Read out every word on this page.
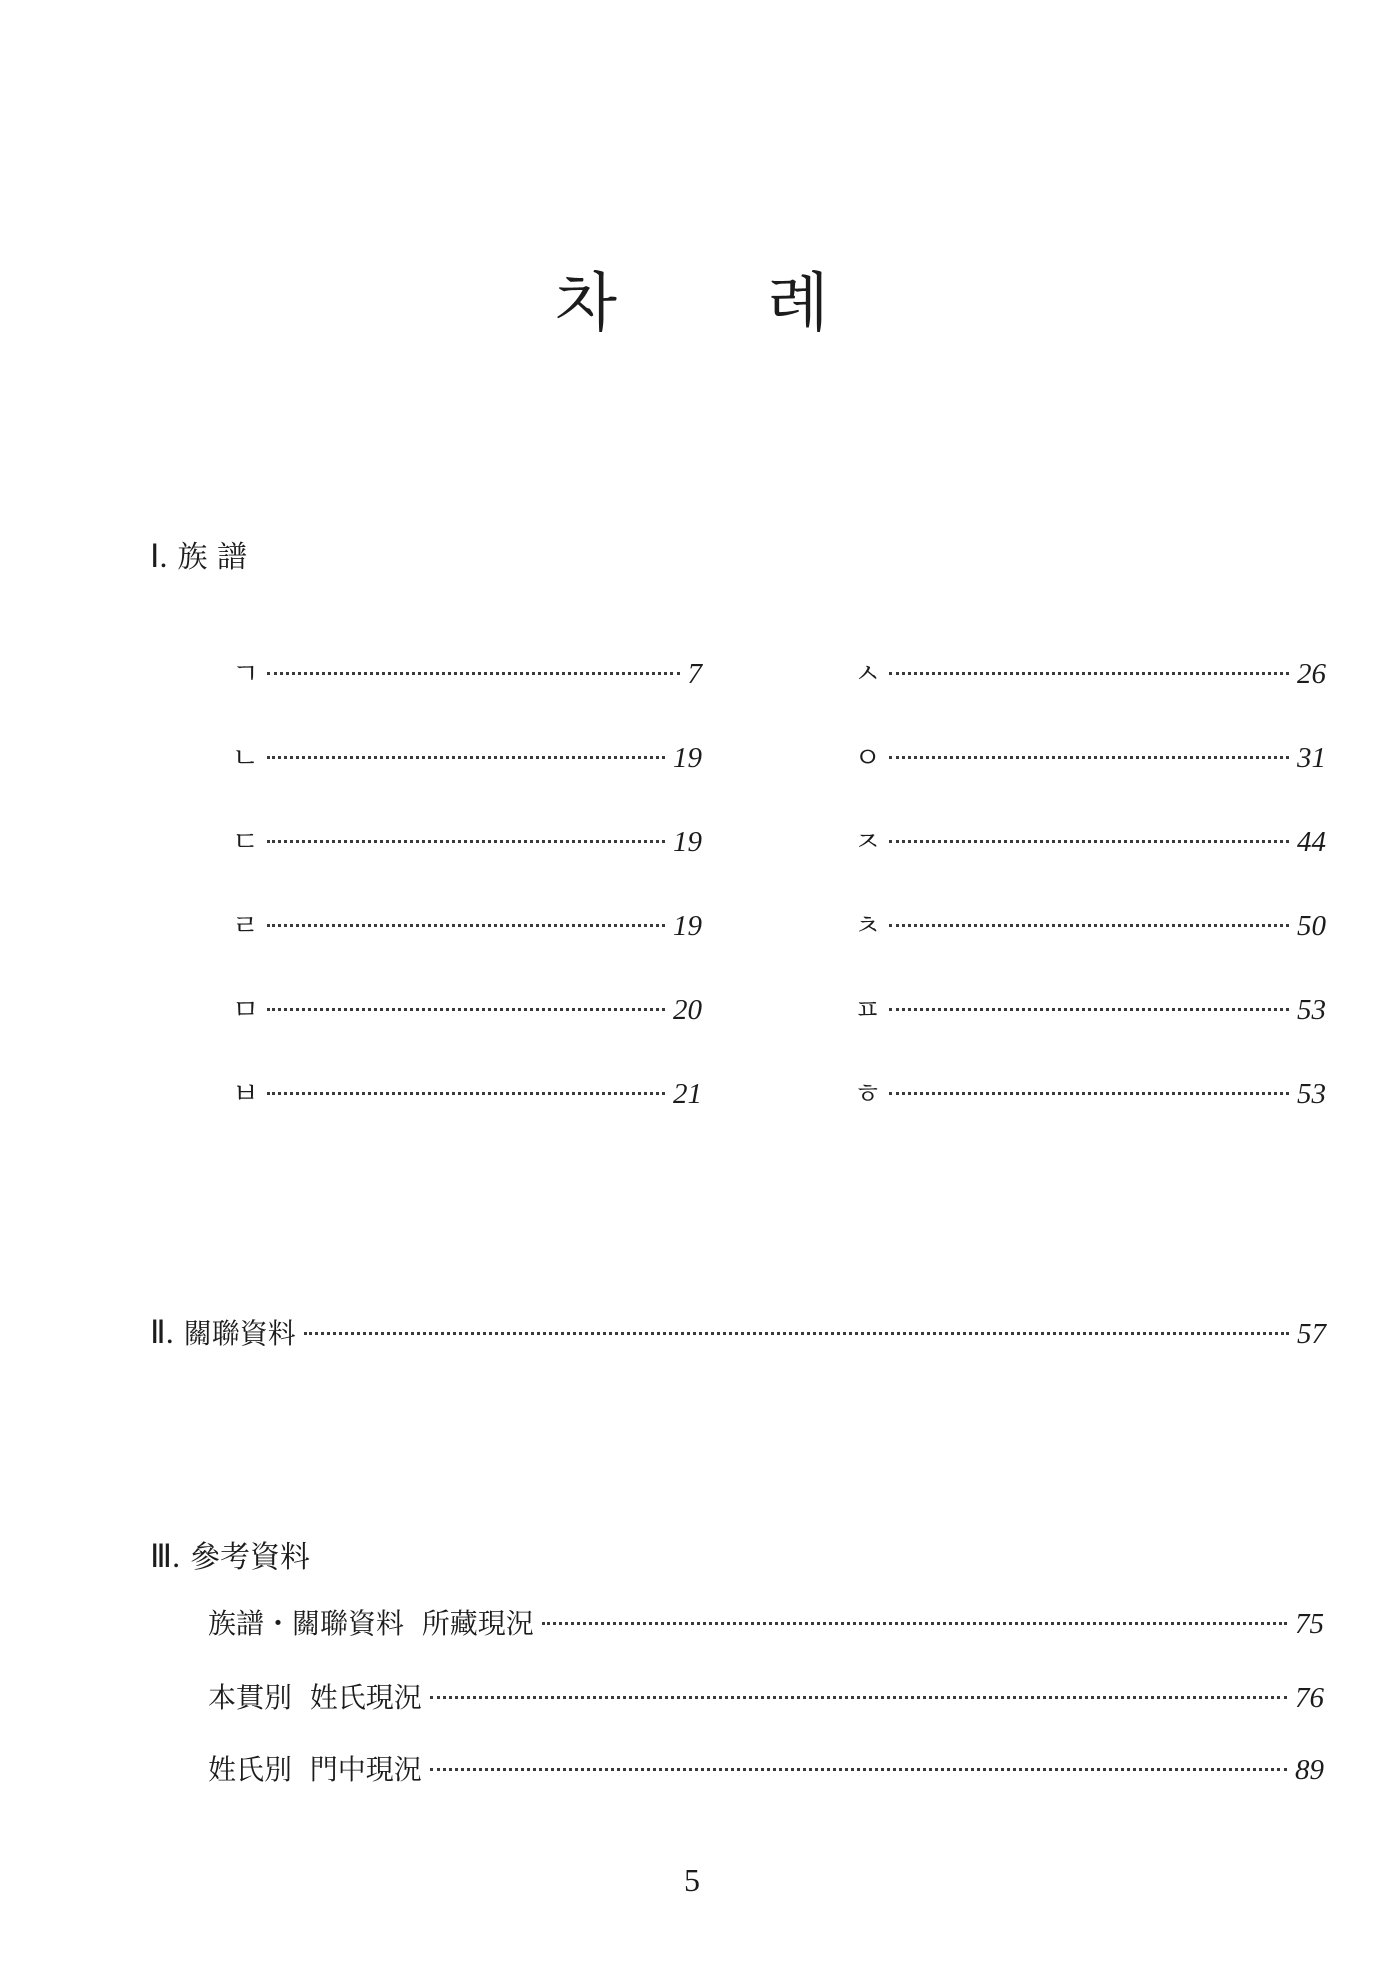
차 례
Ⅰ. 族 譜
ㄱ	7
ㄴ	19
ㄷ	19
ㄹ	19
ㅁ	20
ㅂ	21
ㅅ	26
ㅇ	31
ㅈ	44
ㅊ	50
ㅍ	53
ㅎ	53
Ⅱ. 關聯資料	57
Ⅲ. 參考資料
族譜・關聯資料  所藏現況	75
本貫別  姓氏現況	76
姓氏別  門中現況	89
5
